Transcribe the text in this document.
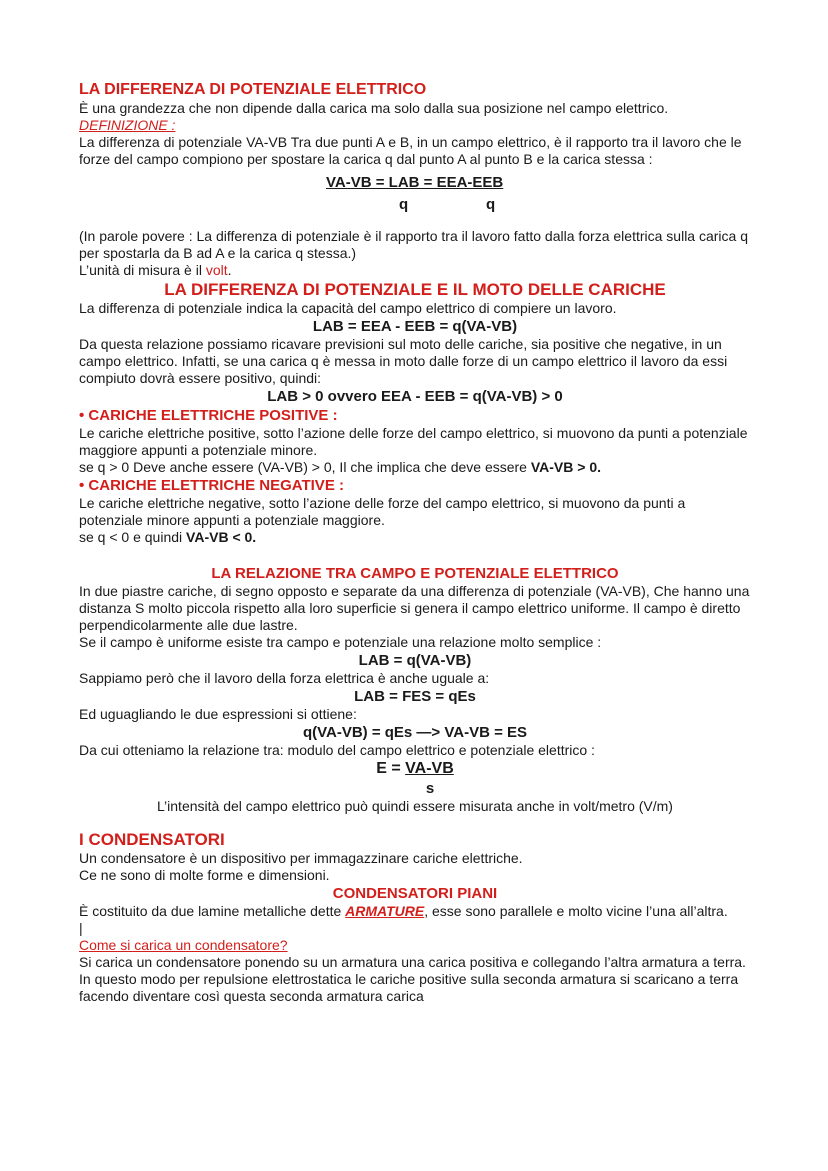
LA DIFFERENZA DI POTENZIALE ELETTRICO

È una grandezza che non dipende dalla carica ma solo dalla sua posizione nel campo elettrico.

DEFINIZIONE :

La differenza di potenziale VA-VB Tra due punti A e B, in un campo elettrico, è il rapporto tra il lavoro che le forze del campo compiono per spostare la carica q dal punto A al punto B e la carica stessa :

VA-VB = LAB = EEA-EEB
q	q

(In parole povere : La differenza di potenziale è il rapporto tra il lavoro fatto dalla forza elettrica sulla carica q per spostarla da B ad A e la carica q stessa.)

L’unità di misura è il volt.

LA DIFFERENZA DI POTENZIALE E IL MOTO DELLE CARICHE

La differenza di potenziale indica la capacità del campo elettrico di compiere un lavoro.

LAB = EEA - EEB = q(VA-VB)

Da questa relazione possiamo ricavare previsioni sul moto delle cariche, sia positive che negative, in un campo elettrico. Infatti, se una carica q è messa in moto dalle forze di un campo elettrico il lavoro da essi compiuto dovrà essere positivo, quindi:

LAB > 0 ovvero EEA - EEB = q(VA-VB) > 0

• CARICHE ELETTRICHE POSITIVE :

Le cariche elettriche positive, sotto l’azione delle forze del campo elettrico, si muovono da punti a potenziale maggiore appunti a potenziale minore.

se q > 0 Deve anche essere (VA-VB) > 0, Il che implica che deve essere VA-VB > 0.

• CARICHE ELETTRICHE NEGATIVE :

Le cariche elettriche negative, sotto l’azione delle forze del campo elettrico, si muovono da punti a potenziale minore appunti a potenziale maggiore.

se q < 0 e quindi VA-VB < 0.

LA RELAZIONE TRA CAMPO E POTENZIALE ELETTRICO

In due piastre cariche, di segno opposto e separate da una differenza di potenziale (VA-VB), Che hanno una distanza S molto piccola rispetto alla loro superficie si genera il campo elettrico uniforme. Il campo è diretto perpendicolarmente alle due lastre.

Se il campo è uniforme esiste tra campo e potenziale una relazione molto semplice :

LAB = q(VA-VB)

Sappiamo però che il lavoro della forza elettrica è anche uguale a:

LAB = FES = qEs

Ed uguagliando le due espressioni si ottiene:

q(VA-VB) = qEs —> VA-VB = ES

Da cui otteniamo la relazione tra: modulo del campo elettrico e potenziale elettrico :

E = VA-VB

s

L’intensità del campo elettrico può quindi essere misurata anche in volt/metro (V/m)

I CONDENSATORI

Un condensatore è un dispositivo per immagazzinare cariche elettriche.

Ce ne sono di molte forme e dimensioni.

CONDENSATORI PIANI

È costituito da due lamine metalliche dette ARMATURE, esse sono parallele e molto vicine l’una all’altra.

|

Come si carica un condensatore?

Si carica un condensatore ponendo su un armatura una carica positiva e collegando l’altra armatura a terra. In questo modo per repulsione elettrostatica le cariche positive sulla seconda armatura si scaricano a terra facendo diventare così questa seconda armatura carica
